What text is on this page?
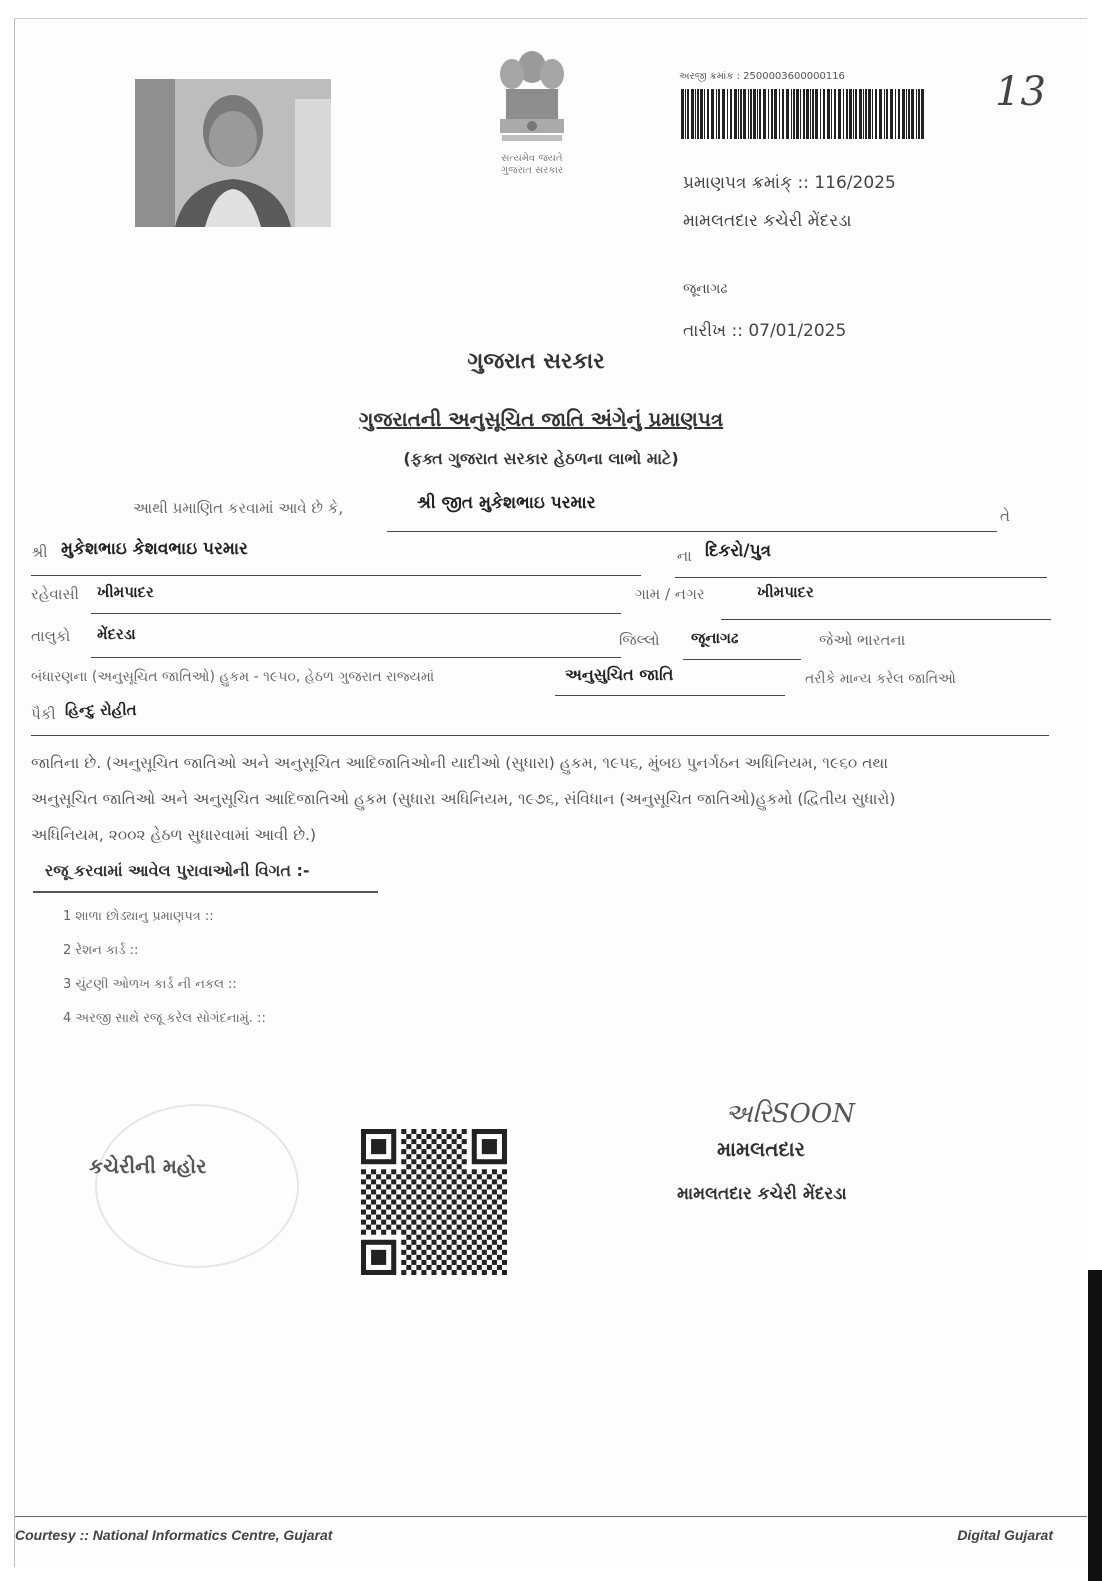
સત્યમેવ જયતે
ગુજરાત સરકાર
અરજી ક્રમાંક : 2500003600000116	13
પ્રમાણપત્ર ક્રમાંક્ :: 116/2025
મામલતદાર કચેરી મેંદરડા
જૂનાગઢ
તારીખ :: 07/01/2025
ગુજરાત સરકાર
ગુજરાતની અનુસૂચિત જાતિ અંગેનું પ્રમાણપત્ર
(ફક્ત ગુજરાત સરકાર હેઠળના લાભો માટે)
આથી પ્રમાણિત કરવામાં આવે છે કે,	શ્રી જીત મુકેશભાઇ પરમાર
તે
શ્રી મુકેશભાઇ કેશવભાઇ પરમાર	ના દિકરો/પુત્ર
રહેવાસી ખીમપાદર	ગામ / નગર	ખીમપાદર
તાલુકો મેંદરડા	જિલ્લો જૂનાગઢ	જેઓ ભારતના
બંધારણના (અનુસૂચિત જાતિઓ) હુકમ - ૧૯૫૦, હેઠળ ગુજરાત રાજ્યમાં	અનુસુચિત જાતિ	તરીકે માન્ય કરેલ જાતિઓ
પૈકી હિન્દુ રોહીત
જાતિના છે. (અનુસૂચિત જાતિઓ અને અનુસૂચિત આદિજાતિઓની યાદીઓ (સુધારા) હુકમ, ૧૯૫૬, મુંબઇ પુનર્ગઠન અધિનિયમ, ૧૯૬૦ તથા
અનુસૂચિત જાતિઓ અને અનુસૂચિત આદિજાતિઓ હુકમ (સુધારા અધિનિયમ, ૧૯૭૬, સંવિધાન (અનુસૂચિત જાતિઓ)હુકમો (દ્વિતીય સુધારો)
અધિનિયમ, ૨૦૦૨ હેઠળ સુધારવામાં આવી છે.)
રજૂ કરવામાં આવેલ પુરાવાઓની વિગત :-
1 શાળા છોડ્યાનુ પ્રમાણપત્ર ::
2 રેશન કાર્ડ ::
3 ચુંટણી ઓળખ કાર્ડ ની નકલ ::
4 અરજી સાથે રજૂ કરેલ સોગંદનામું. ::
કચેરીની મહોર
અરિSOON
મામલતદાર
મામલતદાર કચેરી મેંદરડા
Courtesy :: National Informatics Centre, Gujarat	Digital Gujarat
